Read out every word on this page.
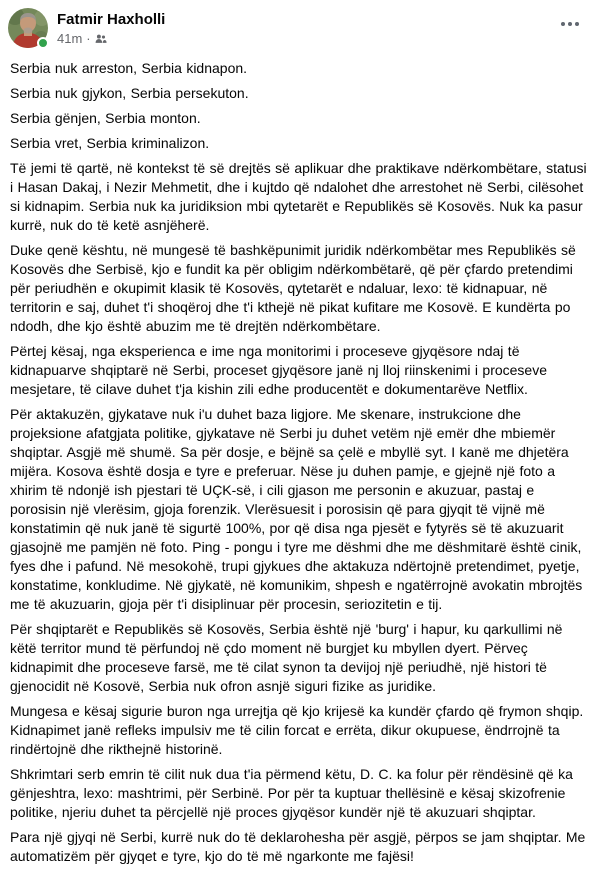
Fatmir Haxholli
41m ·

Serbia nuk arreston, Serbia kidnapon.

Serbia nuk gjykon, Serbia persekuton.

Serbia gënjen, Serbia monton.

Serbia vret, Serbia kriminalizon.

Të jemi të qartë, në kontekst të së drejtës së aplikuar dhe praktikave ndërkombëtare, statusi i Hasan Dakaj, i Nezir Mehmetit, dhe i kujtdo që ndalohet dhe arrestohet në Serbi, cilësohet si kidnapim. Serbia nuk ka juridiksion mbi qytetarët e Republikës së Kosovës. Nuk ka pasur kurrë, nuk do të ketë asnjëherë.

Duke qenë kështu, në mungesë të bashkëpunimit juridik ndërkombëtar mes Republikës së Kosovës dhe Serbisë, kjo e fundit ka për obligim ndërkombëtarë, që për çfardo pretendimi për periudhën e okupimit klasik të Kosovës, qytetarët e ndaluar, lexo: të kidnapuar, në territorin e saj, duhet t'i shoqëroj dhe t'i kthejë në pikat kufitare me Kosovë. E kundërta po ndodh, dhe kjo është abuzim me të drejtën ndërkombëtare.

Përtej kësaj, nga eksperienca e ime nga monitorimi i proceseve gjyqësore ndaj të kidnapuarve shqiptarë në Serbi, proceset gjyqësore janë nj lloj riinskenimi i proceseve mesjetare, të cilave duhet t'ja kishin zili edhe producentët e dokumentarëve Netflix.

Për aktakuzën, gjykatave nuk i'u duhet baza ligjore. Me skenare, instrukcione dhe projeksione afatgjata politike, gjykatave në Serbi ju duhet vetëm një emër dhe mbiemër shqiptar. Asgjë më shumë. Sa për dosje, e bëjnë sa çelë e mbyllë syt. I kanë me dhjetëra mijëra. Kosova është dosja e tyre e preferuar. Nëse ju duhen pamje, e gjejnë një foto a xhirim të ndonjë ish pjestari të UÇK-së, i cili gjason me personin e akuzuar, pastaj e porosisin një vlerësim, gjoja forenzik. Vlerësuesit i porosisin që para gjyqit të vijnë më konstatimin që nuk janë të sigurtë 100%, por që disa nga pjesët e fytyrës së të akuzuarit gjasojnë me pamjën në foto. Ping - pongu i tyre me dëshmi dhe me dëshmitarë është cinik, fyes dhe i pafund. Në mesokohë, trupi gjykues dhe aktakuza ndërtojnë pretendimet, pyetje, konstatime, konkludime. Në gjykatë, në komunikim, shpesh e ngatërrojnë avokatin mbrojtës me të akuzuarin, gjoja për t'i disiplinuar për procesin, seriozitetin e tij.

Për shqiptarët e Republikës së Kosovës, Serbia është një 'burg' i hapur, ku qarkullimi në këtë territor mund të përfundoj në çdo moment në burgjet ku mbyllen dyert. Përveç kidnapimit dhe proceseve farsë, me të cilat synon ta devijoj një periudhë, një histori të gjenocidit në Kosovë, Serbia nuk ofron asnjë siguri fizike as juridike.

Mungesa e kësaj sigurie buron nga urrejtja që kjo krijesë ka kundër çfardo që frymon shqip. Kidnapimet janë refleks impulsiv me të cilin forcat e errëta, dikur okupuese, ëndrrojnë ta rindërtojnë dhe rikthejnë historinë.

Shkrimtari serb emrin të cilit nuk dua t'ia përmend këtu, D. C. ka folur për rëndësinë që ka gënjeshtra, lexo: mashtrimi, për Serbinë. Por për ta kuptuar thellësinë e kësaj skizofrenie politike, njeriu duhet ta përcjellë një proces gjyqësor kundër një të akuzuari shqiptar.

Para një gjyqi në Serbi, kurrë nuk do të deklarohesha për asgjë, përpos se jam shqiptar. Me automatizëm për gjyqet e tyre, kjo do të më ngarkonte me fajësi!
